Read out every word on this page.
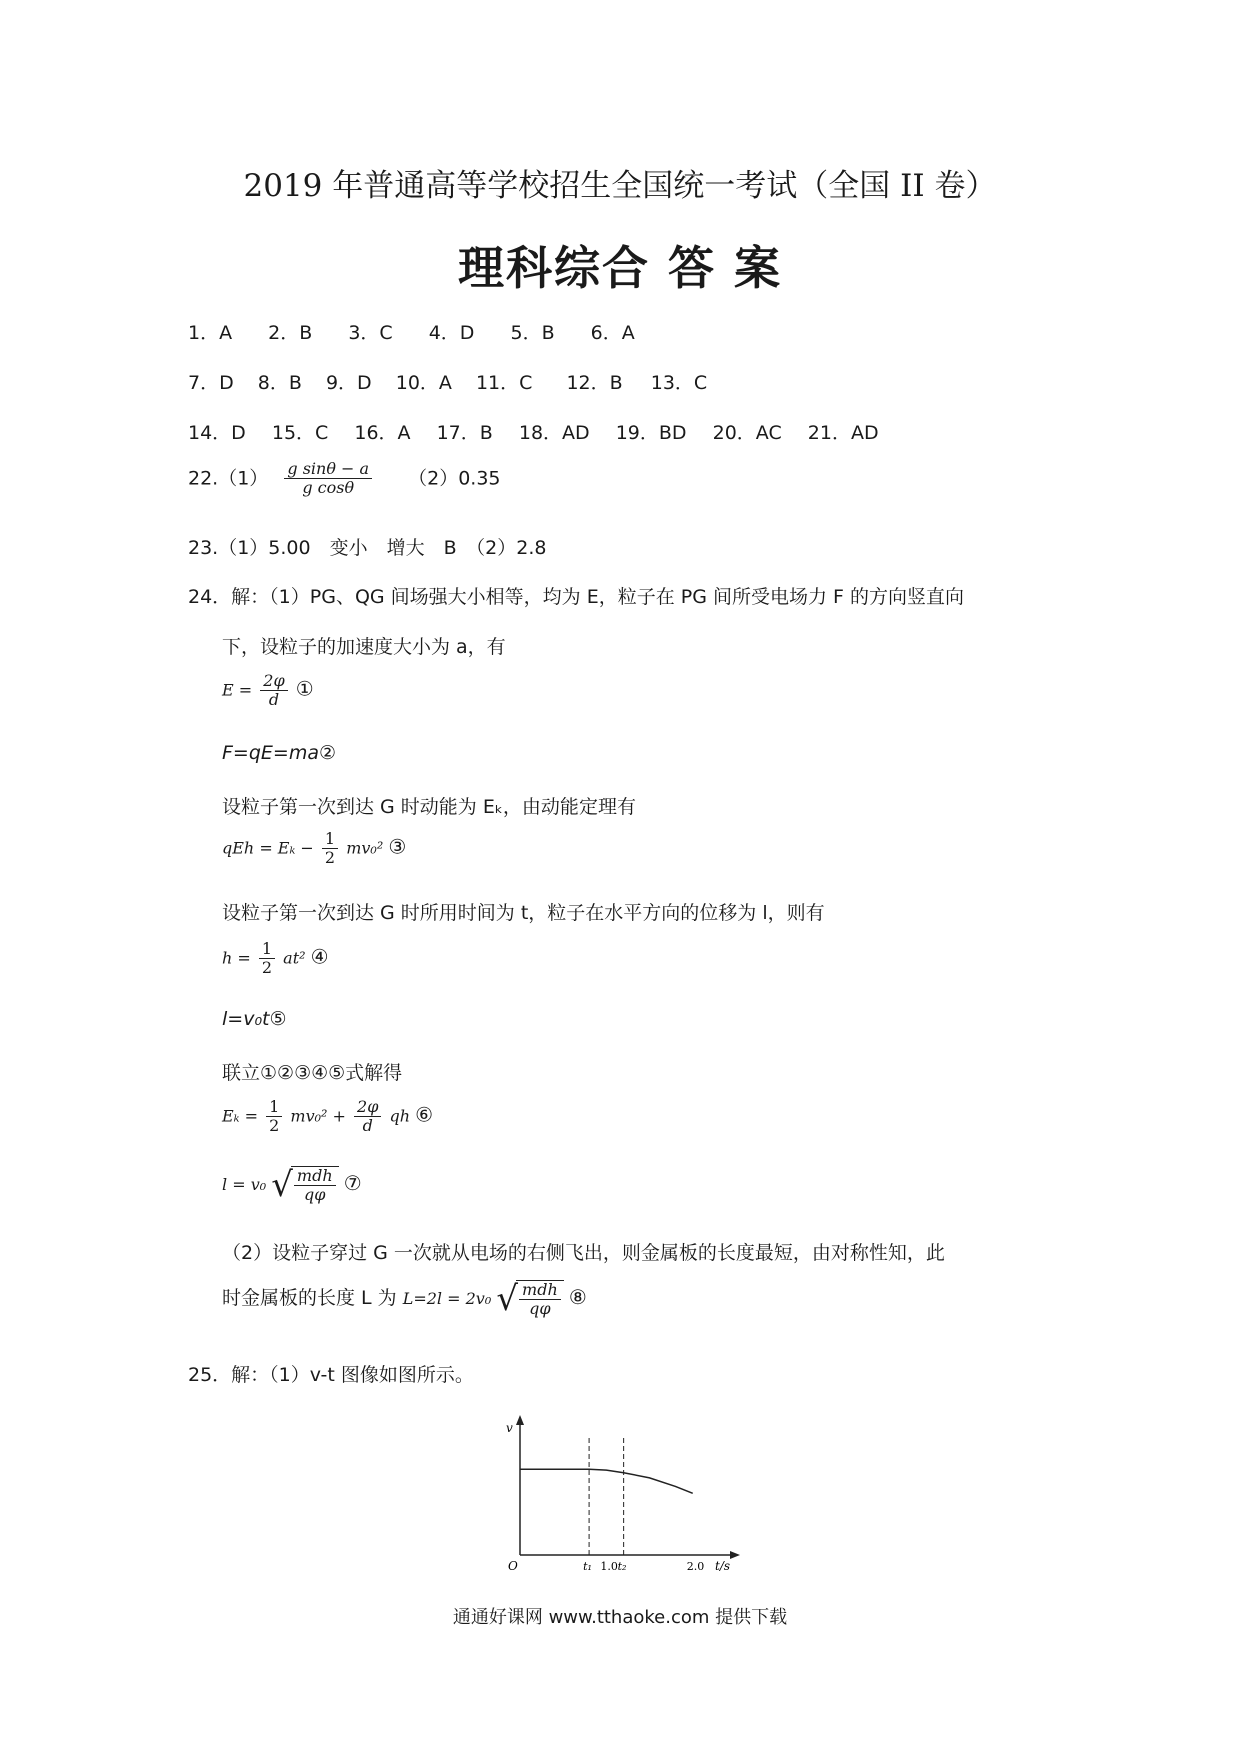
2019 年普通高等学校招生全国统一考试（全国 II 卷）
理科综合 答 案
1．A 2．B 3．C 4．D 5．B 6．A
7．D 8．B 9．D 10．A 11．C 12．B 13．C
14．D 15．C 16．A 17．B 18．AD 19．BD 20．AC 21．AD
$22.(1) \frac{\text{g sinθ − a}}{\text{g cosθ}} (2)0.35$
23.（1）5.00　变小　增大　B　（2）2.8
24．解：（1）PG、QG 间场强大小相等，均为 E，粒子在 PG 间所受电场力 F 的方向竖直向
下，设粒子的加速度大小为 a，有
$E = \frac{2\varphi}{d}$ ①
F=qE=ma②
设粒子第一次到达 G 时动能为 Eₖ，由动能定理有
qEh = $E_k - \frac{1}{2} mv_0^2$ ③
设粒子第一次到达 G 时所用时间为 t，粒子在水平方向的位移为 l，则有
$h = \frac{1}{2} at^2$ ④
l=v₀t⑤
联立①②③④⑤式解得
$E_k = \frac{1}{2} mv_0^2 + \frac{2\varphi}{d}$ qh ⑥
l = v₀ √ $\frac{\text{mdh}}{q\varphi}$ ⑦
（2）设粒子穿过 G 一次就从电场的右侧飞出，则金属板的长度最短，由对称性知，此
时金属板的长度 L 为 L=2l = 2v₀ √ $\frac{\text{mdh}}{q\varphi}$ ⑧
25．解：（1）v-t 图像如图所示。
v
O	t/s
t₁ 1.0 t₂	2.0
通通好课网 www.tthaoke.com 提供下载
